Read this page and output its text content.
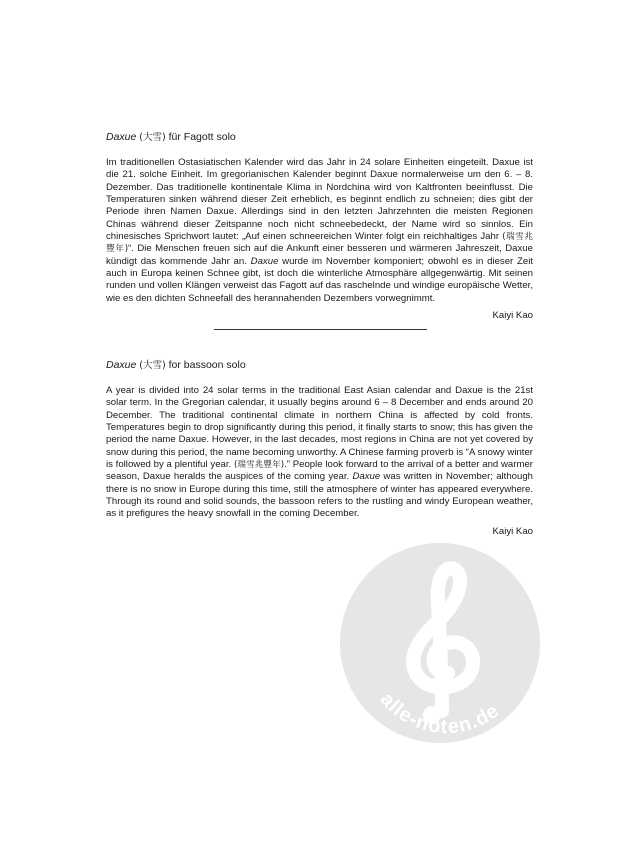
Daxue (大雪) für Fagott solo

Im traditionellen Ostasiatischen Kalender wird das Jahr in 24 solare Einheiten eingeteilt. Daxue ist die 21. solche Einheit. Im gregorianischen Kalender beginnt Daxue normalerweise um den 6. – 8. Dezember. Das traditionelle kontinentale Klima in Nordchina wird von Kaltfronten beeinflusst. Die Temperaturen sinken während dieser Zeit erheblich, es beginnt endlich zu schneien; dies gibt der Periode ihren Namen Daxue. Allerdings sind in den letzten Jahrzehnten die meisten Regionen Chinas während dieser Zeitspanne noch nicht schneebedeckt, der Name wird so sinnlos. Ein chinesisches Sprichwort lautet: „Auf einen schneereichen Winter folgt ein reichhaltiges Jahr (瑞雪兆豐年)“. Die Menschen freuen sich auf die Ankunft einer besseren und wärmeren Jahreszeit, Daxue kündigt das kommende Jahr an. Daxue wurde im November komponiert; obwohl es in dieser Zeit auch in Europa keinen Schnee gibt, ist doch die winterliche Atmosphäre allgegenwärtig. Mit seinen runden und vollen Klängen verweist das Fagott auf das raschelnde und windige europäische Wetter, wie es den dichten Schneefall des herannahenden Dezembers vorwegnimmt.

Kaiyi Kao
Daxue (大雪) for bassoon solo

A year is divided into 24 solar terms in the traditional East Asian calendar and Daxue is the 21st solar term. In the Gregorian calendar, it usually begins around 6 – 8 December and ends around 20 December. The traditional continental climate in northern China is affected by cold fronts. Temperatures begin to drop significantly during this period, it finally starts to snow; this has given the period the name Daxue. However, in the last decades, most regions in China are not yet covered by snow during this period, the name becoming unworthy. A Chinese farming proverb is “A snowy winter is followed by a plentiful year. (瑞雪兆豐年).” People look forward to the arrival of a better and warmer season, Daxue heralds the auspices of the coming year. Daxue was written in November; although there is no snow in Europe during this time, still the atmosphere of winter has appeared everywhere. Through its round and solid sounds, the bassoon refers to the rustling and windy European weather, as it prefigures the heavy snowfall in the coming December.

Kaiyi Kao
alle-noten.de
